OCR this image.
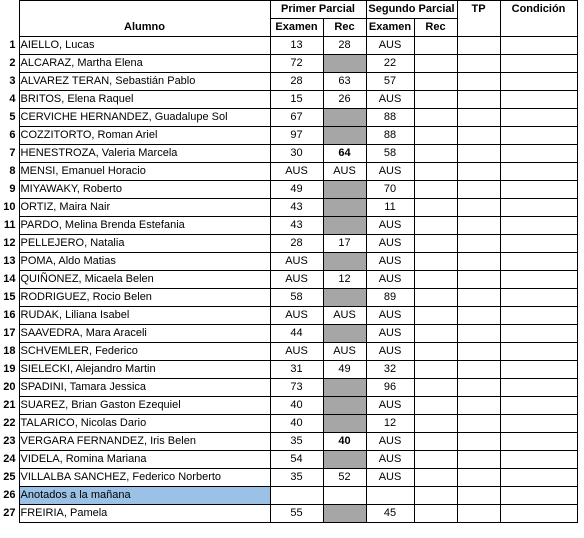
		Primer Parcial		Segundo Parcial		TP	Condición
	Alumno	Examen	Rec	Examen	Rec		
1	AIELLO, Lucas	13	28	AUS			
2	ALCARAZ, Martha Elena	72		22			
3	ALVAREZ TERAN, Sebastián Pablo	28	63	57			
4	BRITOS, Elena Raquel	15	26	AUS			
5	CERVICHE HERNANDEZ, Guadalupe Sol	67		88			
6	COZZITORTO, Roman Ariel	97		88			
7	HENESTROZA, Valeria Marcela	30	64	58			
8	MENSI, Emanuel Horacio	AUS	AUS	AUS			
9	MIYAWAKY, Roberto	49		70			
10	ORTIZ, Maira Nair	43		11			
11	PARDO, Melina Brenda Estefania	43		AUS			
12	PELLEJERO, Natalia	28	17	AUS			
13	POMA, Aldo Matias	AUS		AUS			
14	QUIÑONEZ, Micaela Belen	AUS	12	AUS			
15	RODRIGUEZ, Rocio Belen	58		89			
16	RUDAK, Liliana Isabel	AUS	AUS	AUS			
17	SAAVEDRA, Mara Araceli	44		AUS			
18	SCHVEMLER, Federico	AUS	AUS	AUS			
19	SIELECKI, Alejandro Martin	31	49	32			
20	SPADINI, Tamara Jessica	73		96			
21	SUAREZ, Brian Gaston Ezequiel	40		AUS			
22	TALARICO, Nicolas Dario	40		12			
23	VERGARA FERNANDEZ, Iris Belen	35	40	AUS			
24	VIDELA, Romina Mariana	54		AUS			
25	VILLALBA SANCHEZ, Federico Norberto	35	52	AUS			
26	Anotados a la mañana						
27	FREIRIA, Pamela	55		45			
